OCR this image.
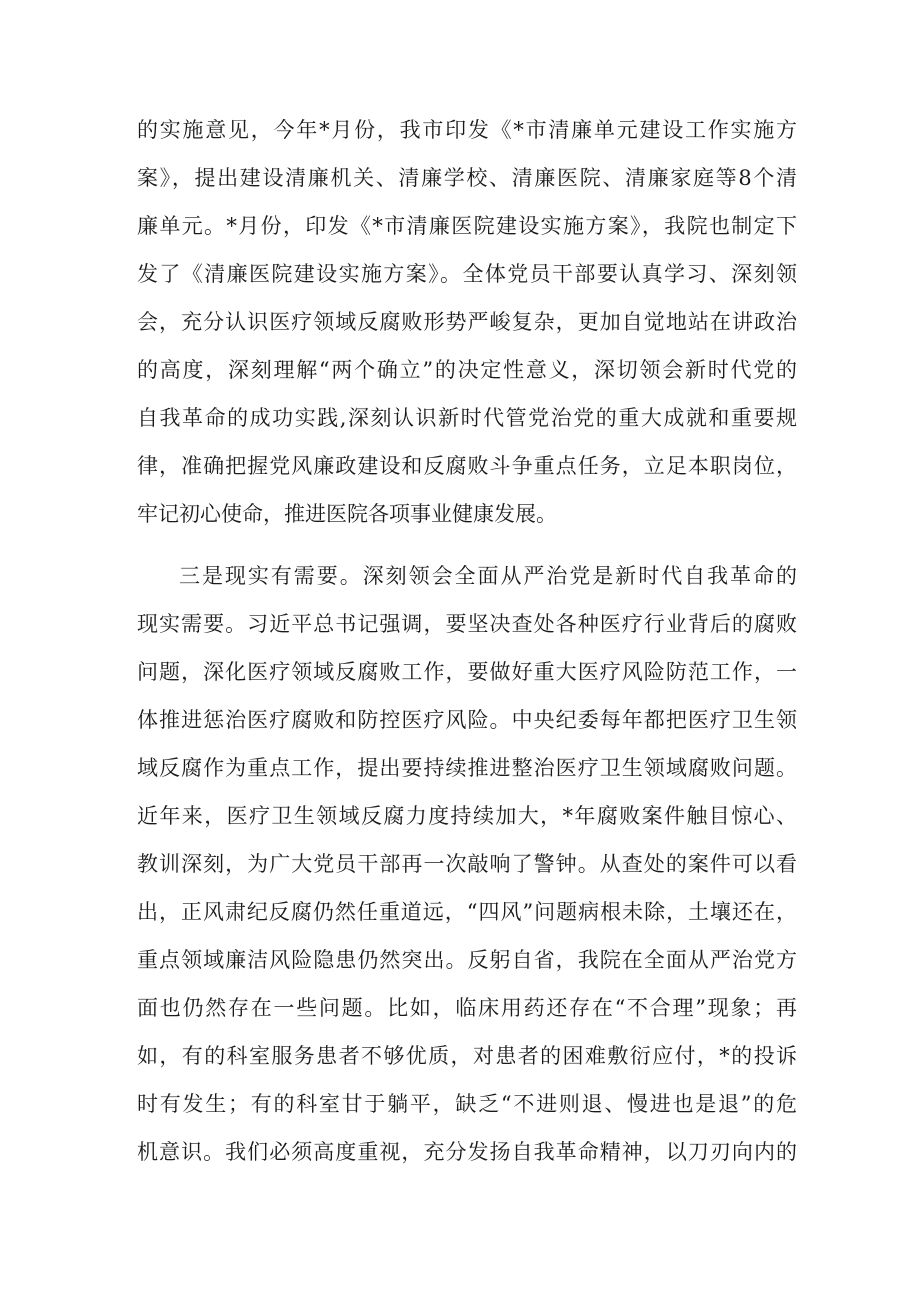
的实施意见，今年*月份，我市印发《*市清廉单元建设工作实施方
案》，提出建设清廉机关、清廉学校、清廉医院、清廉家庭等8个清
廉单元。*月份，印发《*市清廉医院建设实施方案》，我院也制定下
发了《清廉医院建设实施方案》。全体党员干部要认真学习、深刻领
会，充分认识医疗领域反腐败形势严峻复杂，更加自觉地站在讲政治
的高度，深刻理解“两个确立”的决定性意义，深切领会新时代党的
自我革命的成功实践,深刻认识新时代管党治党的重大成就和重要规
律，准确把握党风廉政建设和反腐败斗争重点任务，立足本职岗位，
牢记初心使命，推进医院各项事业健康发展。
三是现实有需要。深刻领会全面从严治党是新时代自我革命的
现实需要。习近平总书记强调，要坚决查处各种医疗行业背后的腐败
问题，深化医疗领域反腐败工作，要做好重大医疗风险防范工作，一
体推进惩治医疗腐败和防控医疗风险。中央纪委每年都把医疗卫生领
域反腐作为重点工作，提出要持续推进整治医疗卫生领域腐败问题。
近年来，医疗卫生领域反腐力度持续加大，*年腐败案件触目惊心、
教训深刻，为广大党员干部再一次敲响了警钟。从查处的案件可以看
出，正风肃纪反腐仍然任重道远，“四风”问题病根未除，土壤还在，
重点领域廉洁风险隐患仍然突出。反躬自省，我院在全面从严治党方
面也仍然存在一些问题。比如，临床用药还存在“不合理”现象；再
如，有的科室服务患者不够优质，对患者的困难敷衍应付，*的投诉
时有发生；有的科室甘于躺平，缺乏“不进则退、慢进也是退”的危
机意识。我们必须高度重视，充分发扬自我革命精神，以刀刃向内的
